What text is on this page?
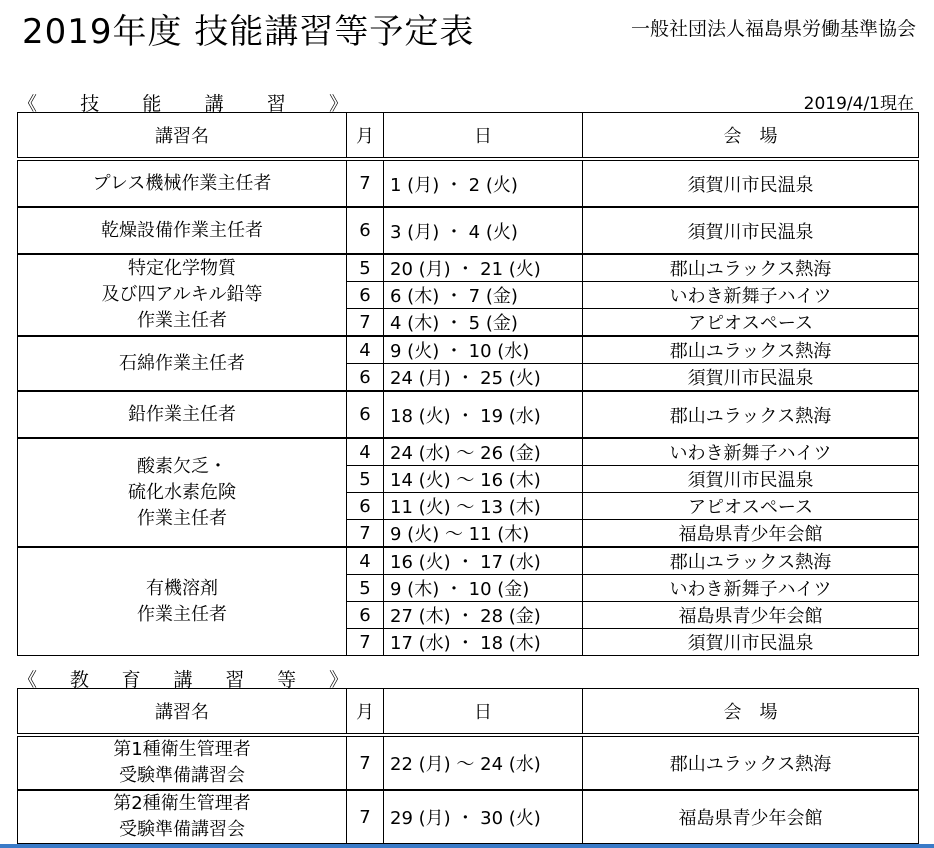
2019年度 技能講習等予定表	一般社団法人福島県労働基準協会
《 技 能 講 習 》	2019/4/1現在
講習名	月	日	会　場

プレス機械作業主任者	7	1 (月) ・ 2 (火)	須賀川市民温泉

乾燥設備作業主任者	6	3 (月) ・ 4 (火)	須賀川市民温泉

特定化学物質
及び四アルキル鉛等
作業主任者	5	20 (月) ・ 21 (火)	郡山ユラックス熱海
	6	6 (木) ・ 7 (金)	いわき新舞子ハイツ
	7	4 (木) ・ 5 (金)	アピオスペース

石綿作業主任者	4	9 (火) ・ 10 (水)	郡山ユラックス熱海
	6	24 (月) ・ 25 (火)	須賀川市民温泉

鉛作業主任者	6	18 (火) ・ 19 (水)	郡山ユラックス熱海

酸素欠乏・
硫化水素危険
作業主任者	4	24 (水) ～ 26 (金)	いわき新舞子ハイツ
	5	14 (火) ～ 16 (木)	須賀川市民温泉
	6	11 (火) ～ 13 (木)	アピオスペース
	7	9 (火) ～ 11 (木)	福島県青少年会館

有機溶剤
作業主任者	4	16 (火) ・ 17 (水)	郡山ユラックス熱海
	5	9 (木) ・ 10 (金)	いわき新舞子ハイツ
	6	27 (木) ・ 28 (金)	福島県青少年会館
	7	17 (水) ・ 18 (木)	須賀川市民温泉
《 教 育 講 習 等 》
講習名	月	日	会　場

第1種衛生管理者
受験準備講習会	7	22 (月) ～ 24 (水)	郡山ユラックス熱海

第2種衛生管理者
受験準備講習会	7	29 (月) ・ 30 (火)	福島県青少年会館
